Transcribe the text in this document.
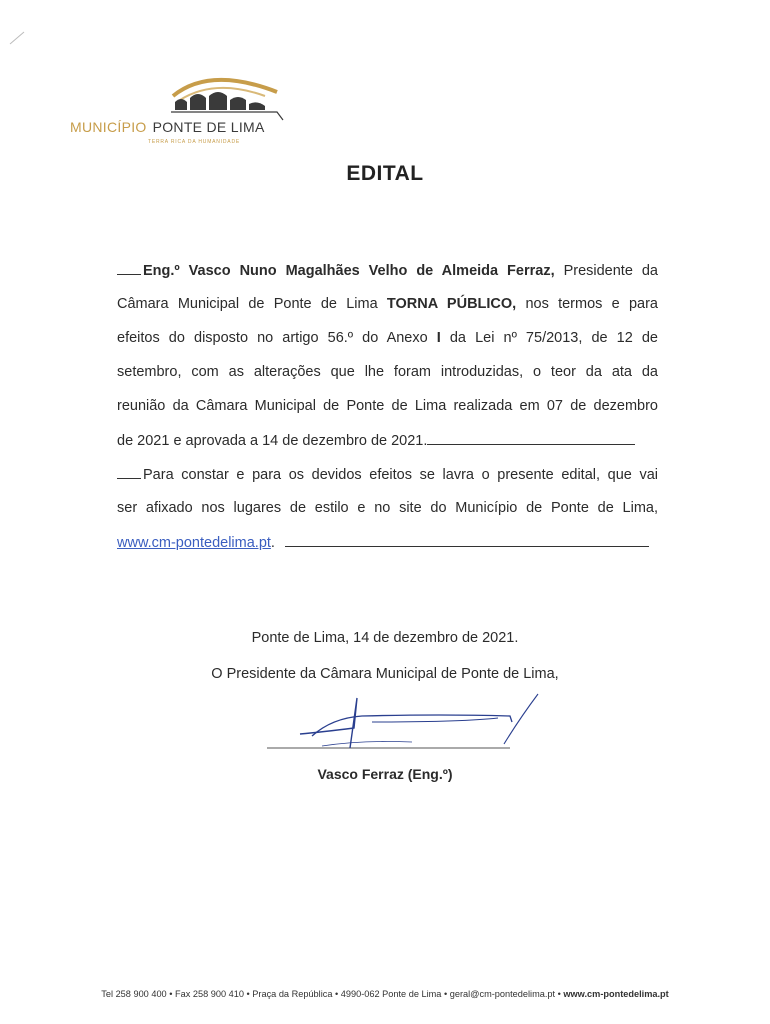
MUNICÍPIO PONTE DE LIMA
TERRA RICA DA HUMANIDADE
EDITAL
Eng.º Vasco Nuno Magalhães Velho de Almeida Ferraz, Presidente da
Câmara Municipal de Ponte de Lima TORNA PÚBLICO, nos termos e para
efeitos do disposto no artigo 56.º do Anexo I da Lei nº 75/2013, de 12 de
setembro, com as alterações que lhe foram introduzidas, o teor da ata da
reunião da Câmara Municipal de Ponte de Lima realizada em 07 de dezembro
de 2021 e aprovada a 14 de dezembro de 2021.
Para constar e para os devidos efeitos se lavra o presente edital, que vai
ser afixado nos lugares de estilo e no site do Município de Ponte de Lima,
www.cm-pontedelima.pt.
Ponte de Lima, 14 de dezembro de 2021.
O Presidente da Câmara Municipal de Ponte de Lima,
Vasco Ferraz (Eng.º)
Tel 258 900 400 • Fax 258 900 410 • Praça da República • 4990-062 Ponte de Lima • geral@cm-pontedelima.pt • www.cm-pontedelima.pt
